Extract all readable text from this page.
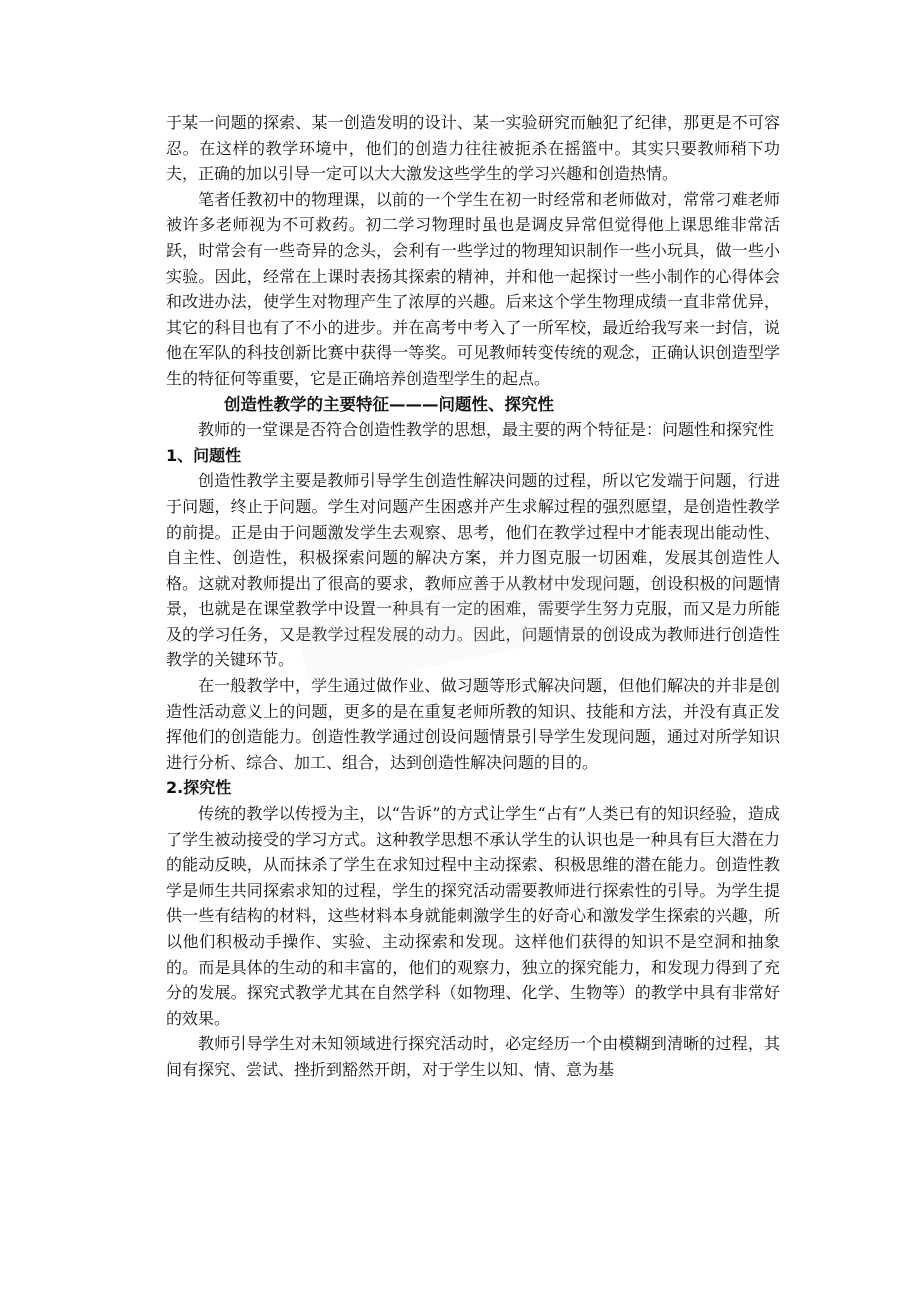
于某一问题的探索、某一创造发明的设计、某一实验研究而触犯了纪律，那更是不可容忍。在这样的教学环境中，他们的创造力往往被扼杀在摇篮中。其实只要教师稍下功夫，正确的加以引导一定可以大大激发这些学生的学习兴趣和创造热情。

笔者任教初中的物理课，以前的一个学生在初一时经常和老师做对，常常刁难老师被许多老师视为不可救药。初二学习物理时虽也是调皮异常但觉得他上课思维非常活跃，时常会有一些奇异的念头，会利有一些学过的物理知识制作一些小玩具，做一些小实验。因此，经常在上课时表扬其探索的精神，并和他一起探讨一些小制作的心得体会和改进办法，使学生对物理产生了浓厚的兴趣。后来这个学生物理成绩一直非常优异，其它的科目也有了不小的进步。并在高考中考入了一所军校，最近给我写来一封信，说他在军队的科技创新比赛中获得一等奖。可见教师转变传统的观念，正确认识创造型学生的特征何等重要，它是正确培养创造型学生的起点。

创造性教学的主要特征———问题性、探究性

教师的一堂课是否符合创造性教学的思想，最主要的两个特征是：问题性和探究性

1、问题性

创造性教学主要是教师引导学生创造性解决问题的过程，所以它发端于问题，行进于问题，终止于问题。学生对问题产生困惑并产生求解过程的强烈愿望，是创造性教学的前提。正是由于问题激发学生去观察、思考，他们在教学过程中才能表现出能动性、自主性、创造性，积极探索问题的解决方案，并力图克服一切困难，发展其创造性人格。这就对教师提出了很高的要求，教师应善于从教材中发现问题，创设积极的问题情景，也就是在课堂教学中设置一种具有一定的困难，需要学生努力克服，而又是力所能及的学习任务，又是教学过程发展的动力。因此，问题情景的创设成为教师进行创造性教学的关键环节。

在一般教学中，学生通过做作业、做习题等形式解决问题，但他们解决的并非是创造性活动意义上的问题，更多的是在重复老师所教的知识、技能和方法，并没有真正发挥他们的创造能力。创造性教学通过创设问题情景引导学生发现问题，通过对所学知识进行分析、综合、加工、组合，达到创造性解决问题的目的。

2.探究性

传统的教学以传授为主，以“告诉”的方式让学生“占有”人类已有的知识经验，造成了学生被动接受的学习方式。这种教学思想不承认学生的认识也是一种具有巨大潜在力的能动反映，从而抹杀了学生在求知过程中主动探索、积极思维的潜在能力。创造性教学是师生共同探索求知的过程，学生的探究活动需要教师进行探索性的引导。为学生提供一些有结构的材料，这些材料本身就能刺激学生的好奇心和激发学生探索的兴趣，所以他们积极动手操作、实验、主动探索和发现。这样他们获得的知识不是空洞和抽象的。而是具体的生动的和丰富的，他们的观察力，独立的探究能力，和发现力得到了充分的发展。探究式教学尤其在自然学科（如物理、化学、生物等）的教学中具有非常好的效果。

教师引导学生对未知领域进行探究活动时，必定经历一个由模糊到清晰的过程，其间有探究、尝试、挫折到豁然开朗，对于学生以知、情、意为基
